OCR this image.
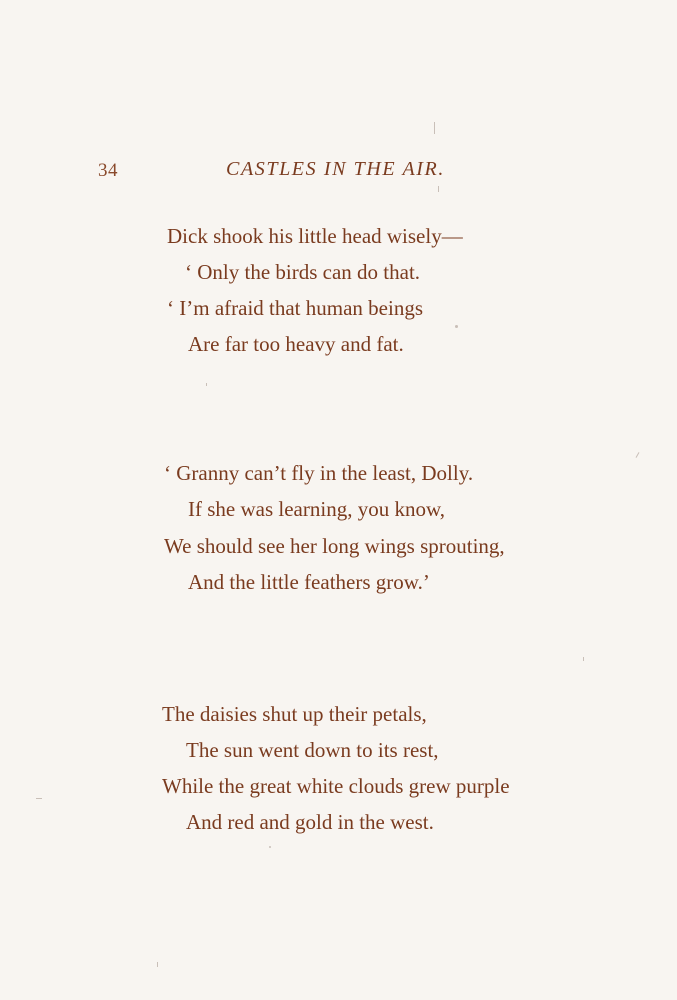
34	CASTLES IN THE AIR.
Dick shook his little head wisely—
‘ Only the birds can do that.
‘ I’m afraid that human beings
Are far too heavy and fat.
‘ Granny can’t fly in the least, Dolly.
If she was learning, you know,
We should see her long wings sprouting,
And the little feathers grow.’
The daisies shut up their petals,
The sun went down to its rest,
While the great white clouds grew purple
And red and gold in the west.
